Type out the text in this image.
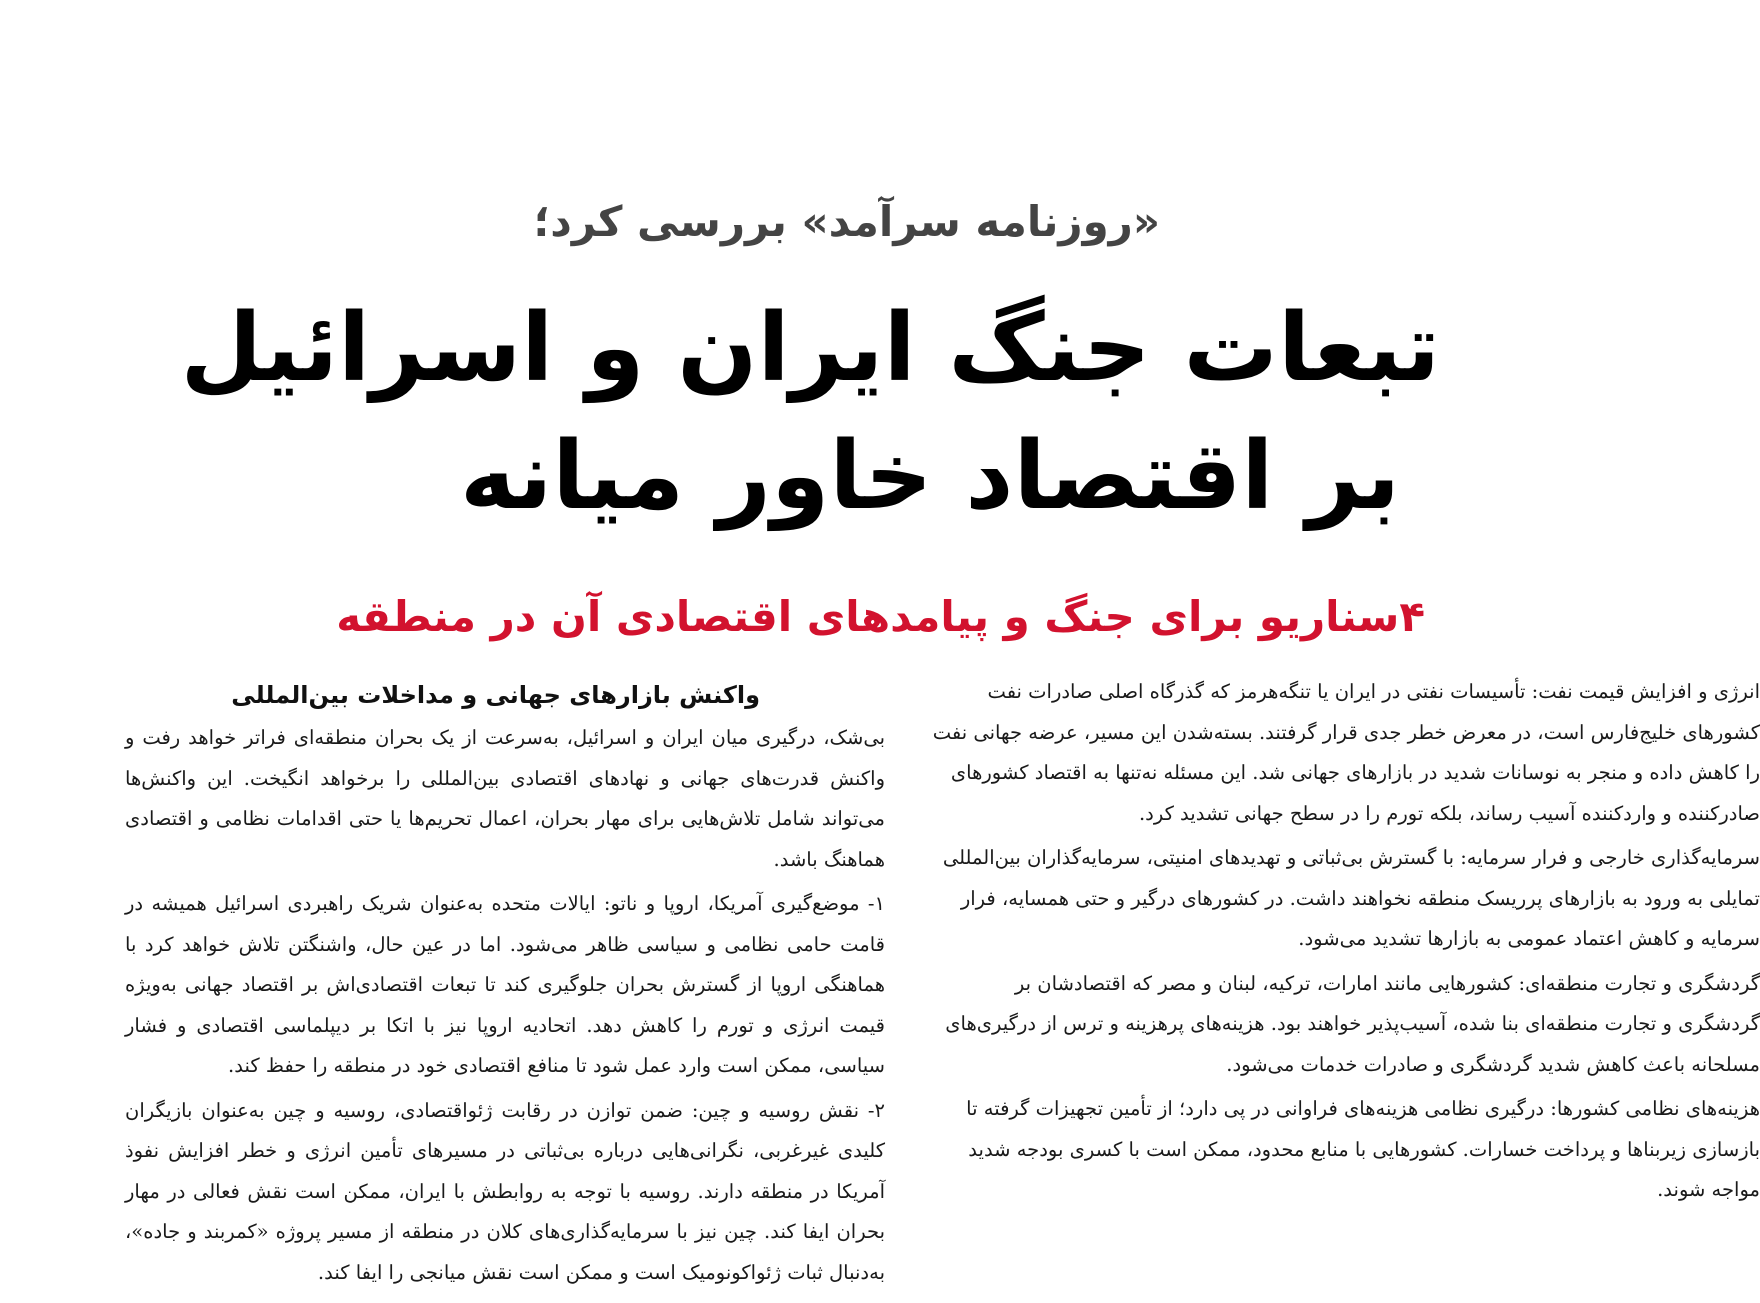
«روزنامه سرآمد» بررسی کرد؛
تبعات جنگ ایران و اسرائیل
بر اقتصاد خاور میانه
۴سناریو برای جنگ و پیامدهای اقتصادی آن در منطقه
واکنش بازارهای جهانی و مداخلات بین‌المللی

بی‌شک، درگیری میان ایران و اسرائیل، به‌سرعت از یک بحران منطقه‌ای فراتر خواهد رفت و واکنش قدرت‌های جهانی و نهادهای اقتصادی بین‌المللی را برخواهد انگیخت. این واکنش‌ها می‌تواند شامل تلاش‌هایی برای مهار بحران، اعمال تحریم‌ها یا حتی اقدامات نظامی و اقتصادی هماهنگ باشد.

۱- موضع‌گیری آمریکا، اروپا و ناتو: ایالات متحده به‌عنوان شریک راهبردی اسرائیل همیشه در قامت حامی نظامی و سیاسی ظاهر می‌شود. اما در عین حال، واشنگتن تلاش خواهد کرد با هماهنگی اروپا از گسترش بحران جلوگیری کند تا تبعات اقتصادی‌اش بر اقتصاد جهانی به‌ویژه قیمت انرژی و تورم را کاهش دهد. اتحادیه اروپا نیز با اتکا بر دیپلماسی اقتصادی و فشار سیاسی، ممکن است وارد عمل شود تا منافع اقتصادی خود در منطقه را حفظ کند.

۲- نقش روسیه و چین: ضمن توازن در رقابت ژئواقتصادی، روسیه و چین به‌عنوان بازیگران کلیدی غیرغربی، نگرانی‌هایی درباره بی‌ثباتی در مسیرهای تأمین انرژی و خطر افزایش نفوذ آمریکا در منطقه دارند. روسیه با توجه به روابطش با ایران، ممکن است نقش فعالی در مهار بحران ایفا کند. چین نیز با سرمایه‌گذاری‌های کلان در منطقه از مسیر پروژه «کمربند و جاده»، به‌دنبال ثبات ژئواکونومیک است و ممکن است نقش میانجی را ایفا کند.

انرژی و افزایش قیمت نفت: تأسیسات نفتی در ایران یا تنگه‌هرمز که گذرگاه اصلی صادرات نفت کشورهای خلیج‌فارس است، در معرض خطر جدی قرار گرفتند. بسته‌شدن این مسیر، عرضه جهانی نفت را کاهش داده و منجر به نوسانات شدید در بازارهای جهانی شد. این مسئله نه‌تنها به اقتصاد کشورهای صادرکننده و واردکننده آسیب رساند، بلکه تورم را در سطح جهانی تشدید کرد.

سرمایه‌گذاری خارجی و فرار سرمایه: با گسترش بی‌ثباتی و تهدیدهای امنیتی، سرمایه‌گذاران بین‌المللی تمایلی به ورود به بازارهای پرریسک منطقه نخواهند داشت. در کشورهای درگیر و حتی همسایه، فرار سرمایه و کاهش اعتماد عمومی به بازارها تشدید می‌شود.

گردشگری و تجارت منطقه‌ای: کشورهایی مانند امارات، ترکیه، لبنان و مصر که اقتصادشان بر گردشگری و تجارت منطقه‌ای بنا شده، آسیب‌پذیر خواهند بود. هزینه‌های پرهزینه و ترس از درگیری‌های مسلحانه باعث کاهش شدید گردشگری و صادرات خدمات می‌شود.

هزینه‌های نظامی کشورها: درگیری نظامی هزینه‌های فراوانی در پی دارد؛ از تأمین تجهیزات گرفته تا بازسازی زیربناها و پرداخت خسارات. کشورهایی با منابع محدود، ممکن است با کسری بودجه شدید مواجه شوند.
